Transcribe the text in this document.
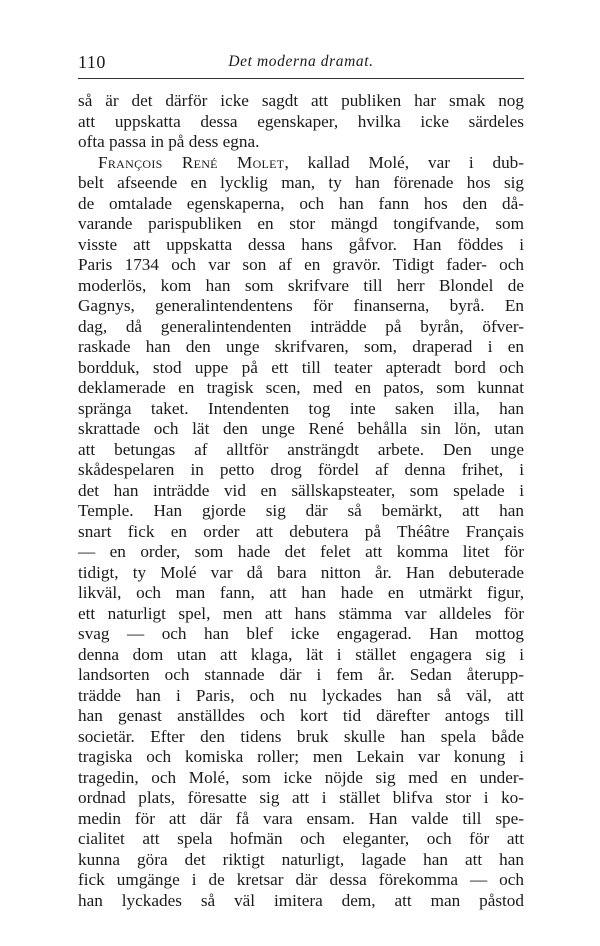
110	Det moderna dramat.
så är det därför icke sagdt att publiken har smak nog
att uppskatta dessa egenskaper, hvilka icke särdeles
ofta passa in på dess egna.
François René Molet, kallad Molé, var i dub-
belt afseende en lycklig man, ty han förenade hos sig
de omtalade egenskaperna, och han fann hos den då-
varande parispubliken en stor mängd tongifvande, som
visste att uppskatta dessa hans gåfvor. Han föddes i
Paris 1734 och var son af en gravör. Tidigt fader- och
moderlös, kom han som skrifvare till herr Blondel de
Gagnys, generalintendentens för finanserna, byrå. En
dag, då generalintendenten inträdde på byrån, öfver-
raskade han den unge skrifvaren, som, draperad i en
bordduk, stod uppe på ett till teater apteradt bord och
deklamerade en tragisk scen, med en patos, som kunnat
spränga taket. Intendenten tog inte saken illa, han
skrattade och lät den unge René behålla sin lön, utan
att betungas af alltför ansträngdt arbete. Den unge
skådespelaren in petto drog fördel af denna frihet, i
det han inträdde vid en sällskapsteater, som spelade i
Temple. Han gjorde sig där så bemärkt, att han
snart fick en order att debutera på Théâtre Français
— en order, som hade det felet att komma litet för
tidigt, ty Molé var då bara nitton år. Han debuterade
likväl, och man fann, att han hade en utmärkt figur,
ett naturligt spel, men att hans stämma var alldeles för
svag — och han blef icke engagerad. Han mottog
denna dom utan att klaga, lät i stället engagera sig i
landsorten och stannade där i fem år. Sedan återupp-
trädde han i Paris, och nu lyckades han så väl, att
han genast anställdes och kort tid därefter antogs till
societär. Efter den tidens bruk skulle han spela både
tragiska och komiska roller; men Lekain var konung i
tragedin, och Molé, som icke nöjde sig med en under-
ordnad plats, föresatte sig att i stället blifva stor i ko-
medin för att där få vara ensam. Han valde till spe-
cialitet att spela hofmän och eleganter, och för att
kunna göra det riktigt naturligt, lagade han att han
fick umgänge i de kretsar där dessa förekomma — och
han lyckades så väl imitera dem, att man påstod
